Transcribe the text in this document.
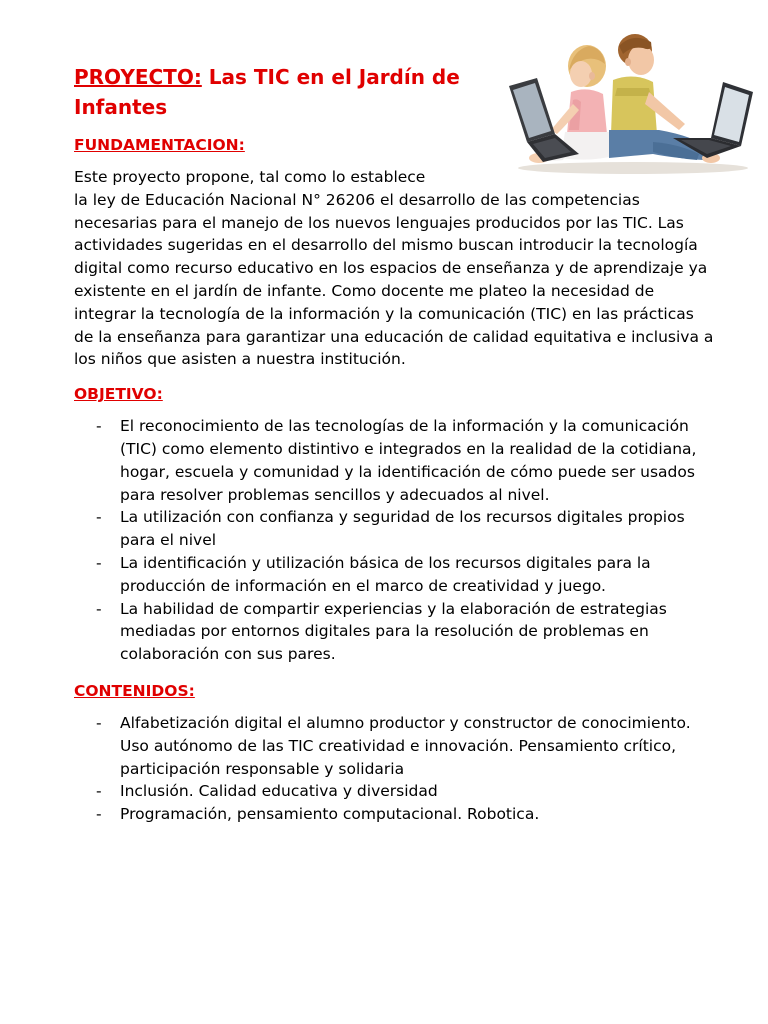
PROYECTO: Las TIC en el Jardín de Infantes
FUNDAMENTACION:

Este proyecto propone, tal como lo establece
la ley de Educación Nacional N° 26206 el desarrollo de las competencias necesarias para el manejo de los nuevos lenguajes producidos por las TIC. Las actividades sugeridas en el desarrollo del mismo buscan introducir la tecnología digital como recurso educativo en los espacios de enseñanza y de aprendizaje ya existente en el jardín de infante. Como docente me plateo la necesidad de integrar la tecnología de la información y la comunicación (TIC) en las prácticas de la enseñanza para garantizar una educación de calidad equitativa e inclusiva a los niños que asisten a nuestra institución.

OBJETIVO:
- El reconocimiento de las tecnologías de la información y la comunicación (TIC) como elemento distintivo e integrados en la realidad de la cotidiana, hogar, escuela y comunidad y la identificación de cómo puede ser usados para resolver problemas sencillos y adecuados al nivel.
- La utilización con confianza y seguridad de los recursos digitales propios para el nivel
- La identificación y utilización básica de los recursos digitales para la producción de información en el marco de creatividad y juego.
- La habilidad de compartir experiencias y la elaboración de estrategias mediadas por entornos digitales para la resolución de problemas en colaboración con sus pares.
CONTENIDOS:
- Alfabetización digital el alumno productor y constructor de conocimiento. Uso autónomo de las TIC creatividad e innovación. Pensamiento crítico, participación responsable y solidaria
- Inclusión. Calidad educativa y diversidad
- Programación, pensamiento computacional. Robotica.
